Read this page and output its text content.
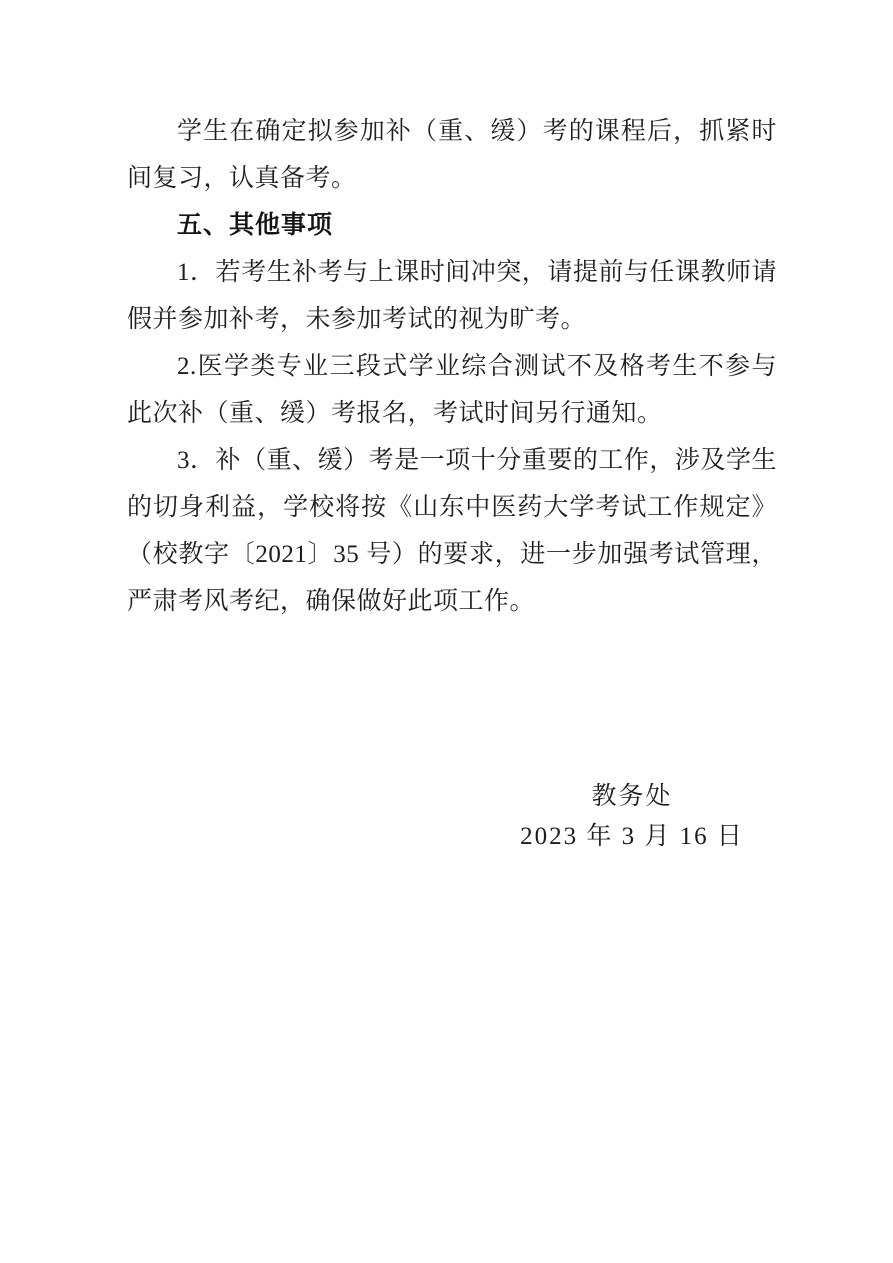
学生在确定拟参加补（重、缓）考的课程后，抓紧时间复习，认真备考。

五、其他事项

1．若考生补考与上课时间冲突，请提前与任课教师请假并参加补考，未参加考试的视为旷考。

2.医学类专业三段式学业综合测试不及格考生不参与此次补（重、缓）考报名，考试时间另行通知。

3．补（重、缓）考是一项十分重要的工作，涉及学生的切身利益，学校将按《山东中医药大学考试工作规定》（校教字〔2021〕35 号）的要求，进一步加强考试管理，严肃考风考纪，确保做好此项工作。

教务处

2023 年 3 月 16 日
